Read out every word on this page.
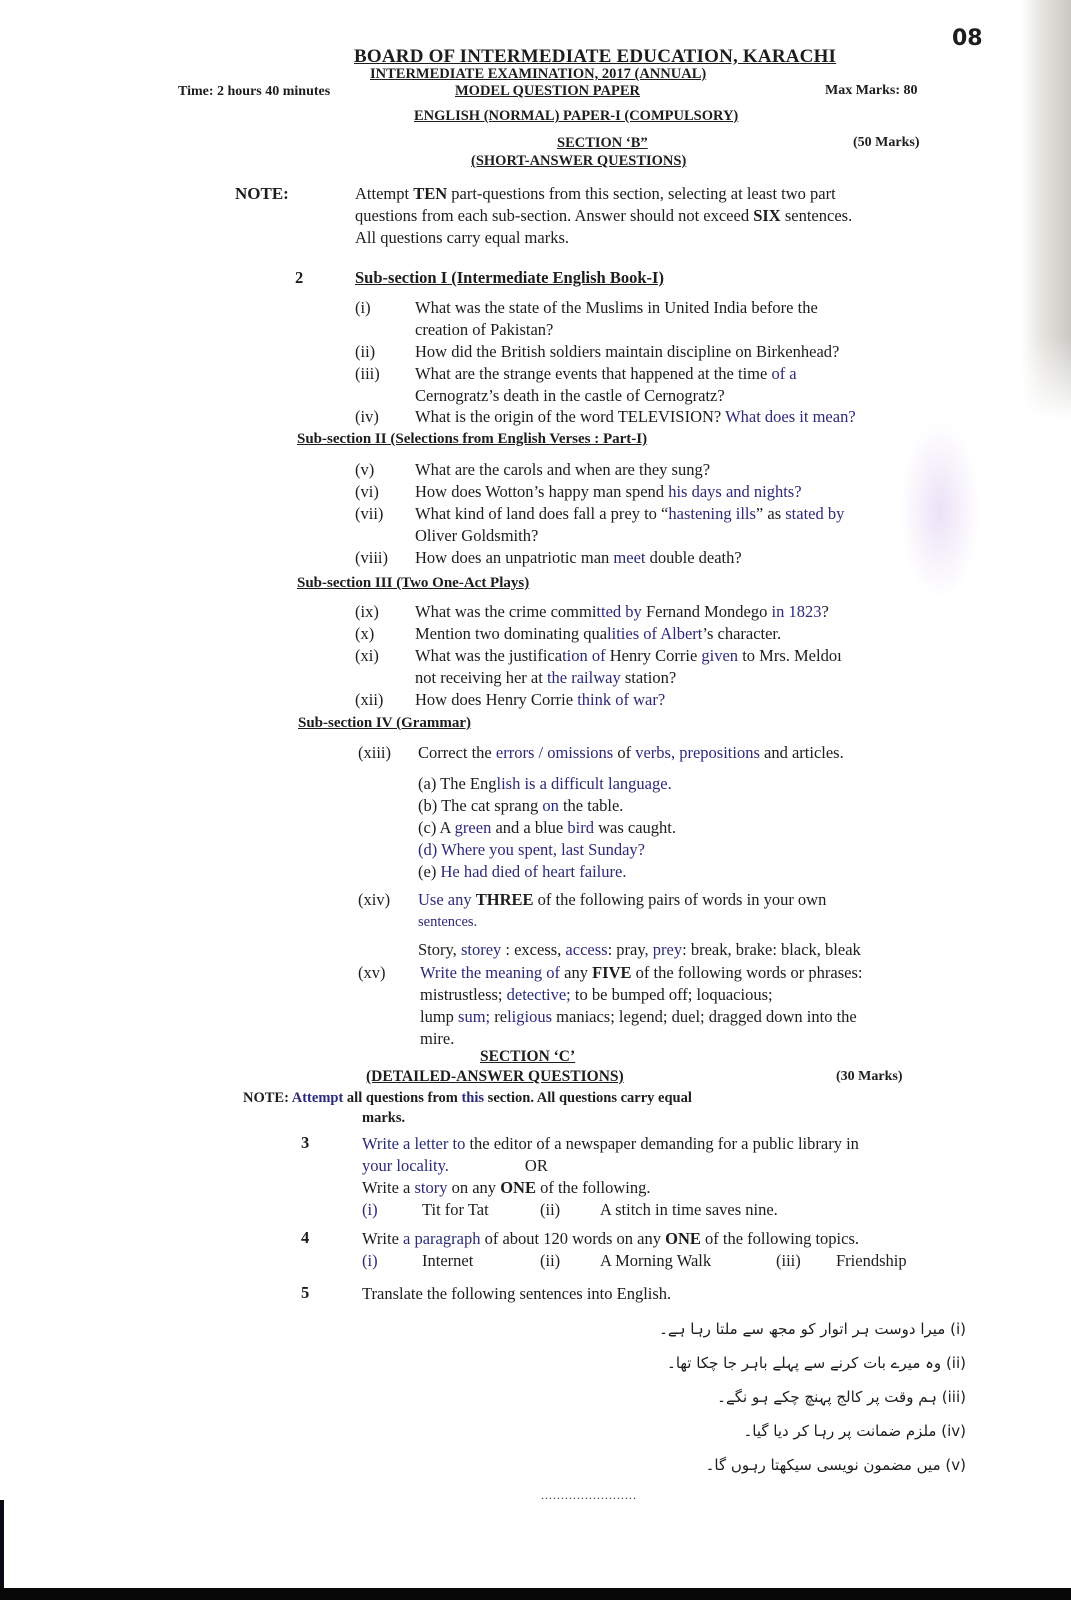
08
BOARD OF INTERMEDIATE EDUCATION, KARACHI
INTERMEDIATE EXAMINATION, 2017 (ANNUAL)
Time: 2 hours 40 minutes	MODEL QUESTION PAPER	Max Marks: 80
ENGLISH (NORMAL) PAPER-I (COMPULSORY)
SECTION ‘B”	(50 Marks)
(SHORT-ANSWER QUESTIONS)
NOTE:	Attempt TEN part-questions from this section, selecting at least two part
questions from each sub-section. Answer should not exceed SIX sentences.
All questions carry equal marks.
2	Sub-section I (Intermediate English Book-I)
(i)	What was the state of the Muslims in United India before the
creation of Pakistan?
(ii) How did the British soldiers maintain discipline on Birkenhead?
(iii) What are the strange events that happened at the time of a
Cernogratz’s death in the castle of Cernogratz?
(iv) What is the origin of the word TELEVISION? What does it mean?
Sub-section II (Selections from English Verses : Part-I)
(v) What are the carols and when are they sung?
(vi) How does Wotton’s happy man spend his days and nights?
(vii) What kind of land does fall a prey to “hastening ills” as stated by
Oliver Goldsmith?
(viii) How does an unpatriotic man meet double death?
Sub-section III (Two One-Act Plays)
(ix) What was the crime committed by Fernand Mondego in 1823?
(x) Mention two dominating qualities of Albert’s character.
(xi) What was the justification of Henry Corrie given to Mrs. Meldoı
not receiving her at the railway station?
(xii) How does Henry Corrie think of war?
Sub-section IV (Grammar)
(xiii) Correct the errors / omissions of verbs, prepositions and articles.
(a) The English is a difficult language.
(b) The cat sprang on the table.
(c) A green and a blue bird was caught.
(d) Where you spent, last Sunday?
(e) He had died of heart failure.
(xiv) Use any THREE of the following pairs of words in your own
sentences.
Story, storey : excess, access: pray, prey: break, brake: black, bleak
(xv) Write the meaning of any FIVE of the following words or phrases:
mistrustless; detective; to be bumped off; loquacious;
lump sum; religious maniacs; legend; duel; dragged down into the
mire.
SECTION ‘C’
(DETAILED-ANSWER QUESTIONS)	(30 Marks)
NOTE: Attempt all questions from this section. All questions carry equal
marks.
3	Write a letter to the editor of a newspaper demanding for a public library in
your locality.	OR
Write a story on any ONE of the following.
(i)	Tit for Tat	(ii) A stitch in time saves nine.
4	Write a paragraph of about 120 words on any ONE of the following topics.
(i)	Internet	(ii) A Morning Walk	(iii) Friendship
5	Translate the following sentences into English.
(i) میرا دوست ہر اتوار کو مجھ سے ملتا رہا ہے۔
(ii) وہ میرے بات کرنے سے پہلے باہر جا چکا تھا۔
(iii) ہم وقت پر کالج پہنچ چکے ہو نگے۔
(iv) ملزم ضمانت پر رہا کر دیا گیا۔
(v) میں مضمون نویسی سیکھتا رہوں گا۔
........................
